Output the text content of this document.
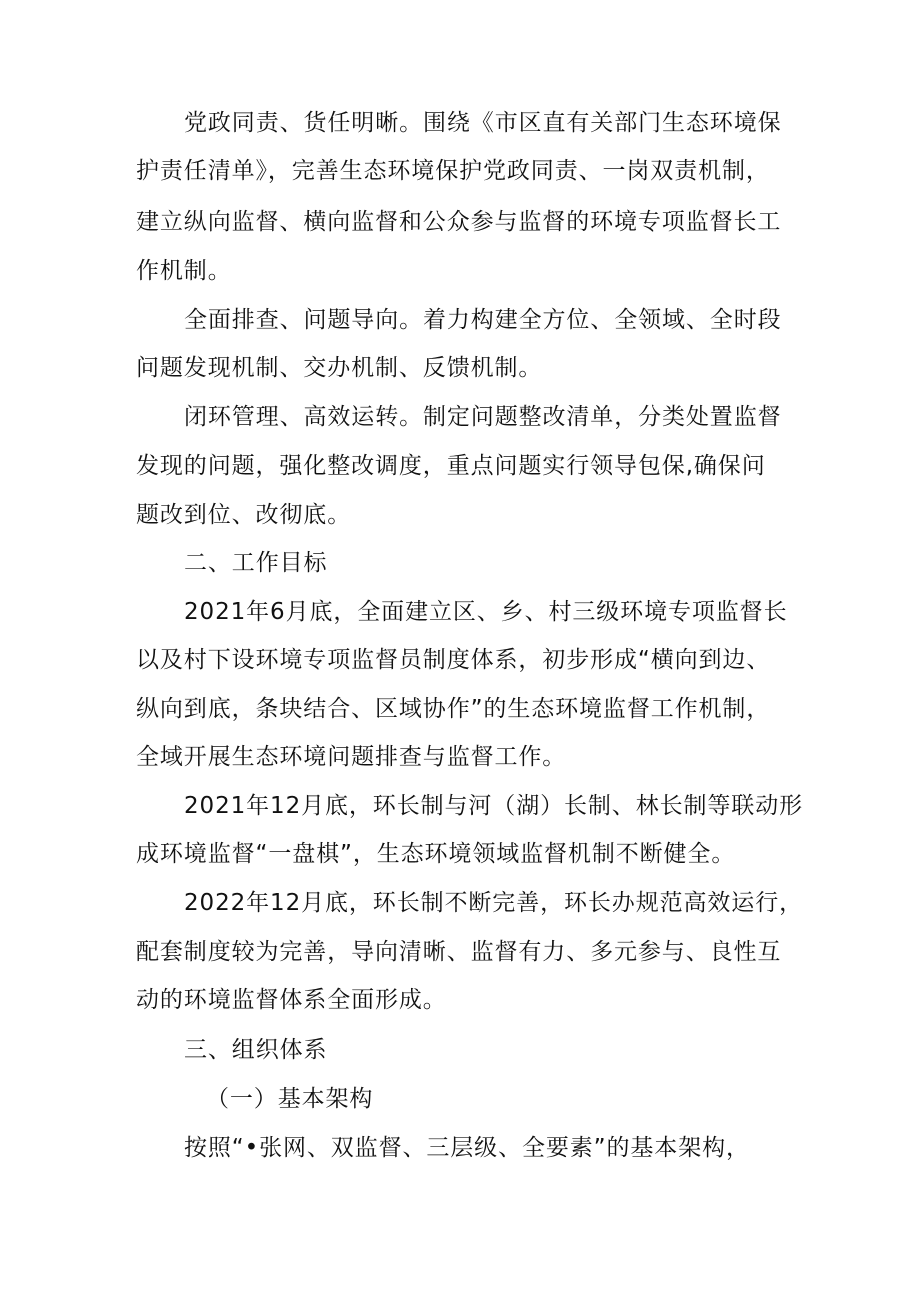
党政同责、货任明晰。围绕《市区直有关部门生态环境保
护责任清单》，完善生态环境保护党政同责、一岗双责机制，
建立纵向监督、横向监督和公众参与监督的环境专项监督长工
作机制。
全面排查、问题导向。着力构建全方位、全领域、全时段
问题发现机制、交办机制、反馈机制。
闭环管理、高效运转。制定问题整改清单，分类处置监督
发现的问题，强化整改调度，重点问题实行领导包保,确保问
题改到位、改彻底。
二、工作目标
2021年6月底，全面建立区、乡、村三级环境专项监督长
以及村下设环境专项监督员制度体系，初步形成“横向到边、
纵向到底，条块结合、区域协作”的生态环境监督工作机制，
全域开展生态环境问题排查与监督工作。
2021年12月底，环长制与河（湖）长制、林长制等联动形
成环境监督“一盘棋”，生态环境领域监督机制不断健全。
2022年12月底，环长制不断完善，环长办规范高效运行，
配套制度较为完善，导向清晰、监督有力、多元参与、良性互
动的环境监督体系全面形成。
三、组织体系
（一）基本架构
按照“•张网、双监督、三层级、全要素”的基本架构，
